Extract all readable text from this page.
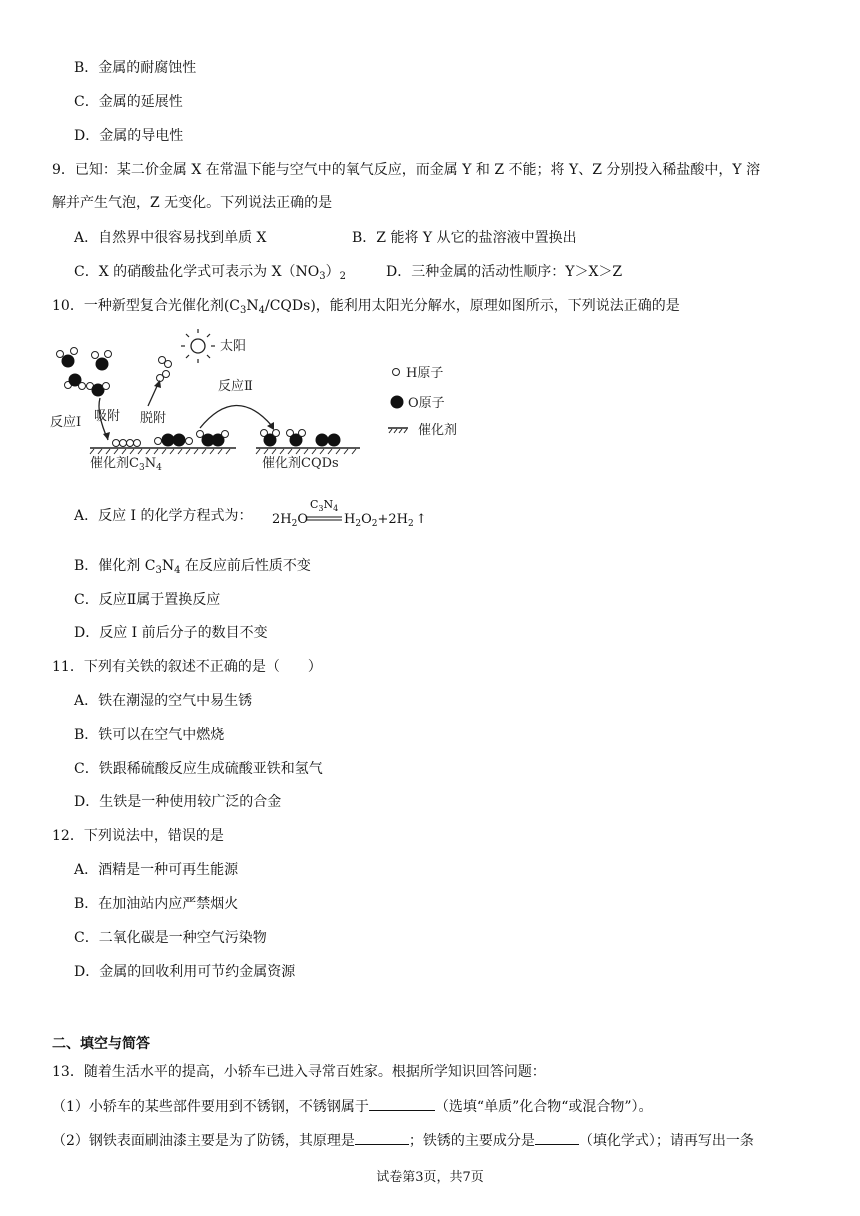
B．金属的耐腐蚀性
C．金属的延展性
D．金属的导电性
9．已知：某二价金属 X 在常温下能与空气中的氧气反应，而金属 Y 和 Z 不能；将 Y、Z 分别投入稀盐酸中，Y 溶
解并产生气泡，Z 无变化。下列说法正确的是
A．自然界中很容易找到单质 X	B．Z 能将 Y 从它的盐溶液中置换出
C．X 的硝酸盐化学式可表示为 $X(NO_3)_2$	D．三种金属的活动性顺序：Y＞X＞Z
10．一种新型复合光催化剂$(C_3N_4/CQDs)$，能利用太阳光分解水，原理如图所示，下列说法正确的是
太阳
反应Ⅰ 吸附 脱附
反应Ⅱ
催化剂$C_3N_4$	催化剂CQDs
H原子
O原子
催化剂
A．反应 I 的化学方程式为： $2H_2O$
$C_3N_4$
$H_2O_2+2H_2$ ↑
B．催化剂 $C_3N_4$ 在反应前后性质不变
C．反应Ⅱ属于置换反应
D．反应 I 前后分子的数目不变
11．下列有关铁的叙述不正确的是（　　）
A．铁在潮湿的空气中易生锈
B．铁可以在空气中燃烧
C．铁跟稀硫酸反应生成硫酸亚铁和氢气
D．生铁是一种使用较广泛的合金
12．下列说法中，错误的是
A．酒精是一种可再生能源
B．在加油站内应严禁烟火
C．二氧化碳是一种空气污染物
D．金属的回收利用可节约金属资源
二、填空与简答
13．随着生活水平的提高，小轿车已进入寻常百姓家。根据所学知识回答问题：
（1）小轿车的某些部件要用到不锈钢，不锈钢属于	（选填“单质”化合物“或混合物”）。
（2）钢铁表面刷油漆主要是为了防锈，其原理是	；铁锈的主要成分是	（填化学式）；请再写出一条
试卷第3页，共7页
